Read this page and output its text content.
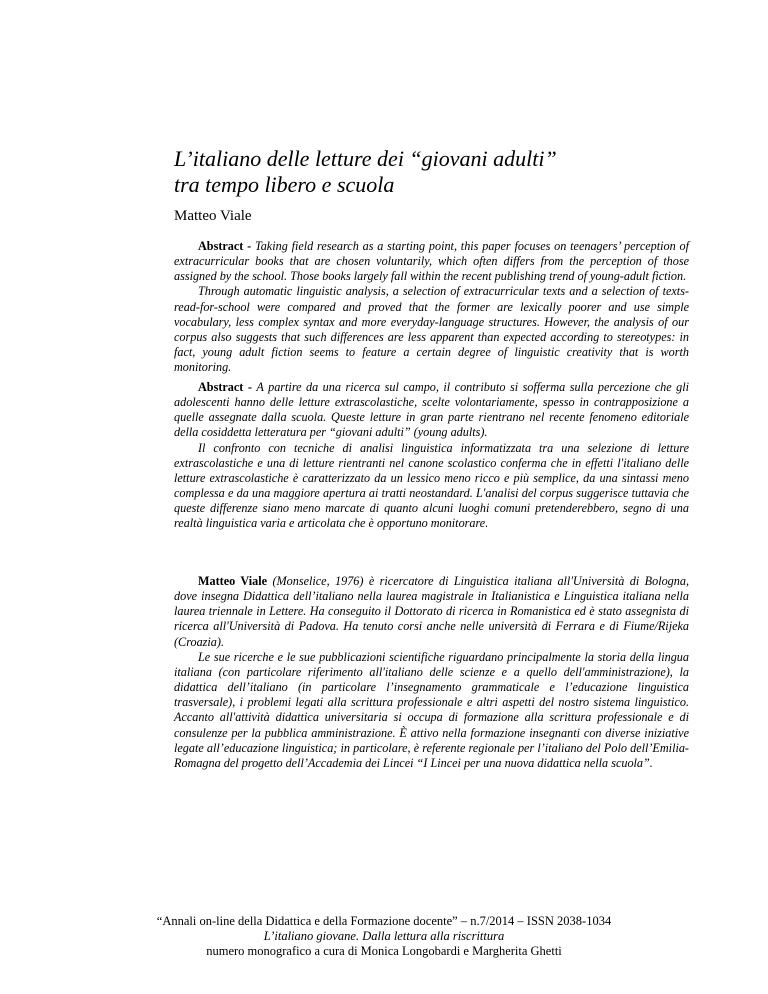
L’italiano delle letture dei “giovani adulti”
tra tempo libero e scuola
Matteo Viale

Abstract - Taking field research as a starting point, this paper focuses on teenagers’ perception of extracurricular books that are chosen voluntarily, which often differs from the perception of those assigned by the school. Those books largely fall within the recent publishing trend of young-adult fiction.

Through automatic linguistic analysis, a selection of extracurricular texts and a selection of texts-read-for-school were compared and proved that the former are lexically poorer and use simple vocabulary, less complex syntax and more everyday-language structures. However, the analysis of our corpus also suggests that such differences are less apparent than expected according to stereotypes: in fact, young adult fiction seems to feature a certain degree of linguistic creativity that is worth monitoring.

Abstract - A partire da una ricerca sul campo, il contributo si sofferma sulla percezione che gli adolescenti hanno delle letture extrascolastiche, scelte volontariamente, spesso in contrapposizione a quelle assegnate dalla scuola. Queste letture in gran parte rientrano nel recente fenomeno editoriale della cosiddetta letteratura per “giovani adulti” (young adults).

Il confronto con tecniche di analisi linguistica informatizzata tra una selezione di letture extrascolastiche e una di letture rientranti nel canone scolastico conferma che in effetti l'italiano delle letture extrascolastiche è caratterizzato da un lessico meno ricco e più semplice, da una sintassi meno complessa e da una maggiore apertura ai tratti neostandard. L'analisi del corpus suggerisce tuttavia che queste differenze siano meno marcate di quanto alcuni luoghi comuni pretenderebbero, segno di una realtà linguistica varia e articolata che è opportuno monitorare.

Matteo Viale (Monselice, 1976) è ricercatore di Linguistica italiana all'Università di Bologna, dove insegna Didattica dell’italiano nella laurea magistrale in Italianistica e Linguistica italiana nella laurea triennale in Lettere. Ha conseguito il Dottorato di ricerca in Romanistica ed è stato assegnista di ricerca all'Università di Padova. Ha tenuto corsi anche nelle università di Ferrara e di Fiume/Rijeka (Croazia).

Le sue ricerche e le sue pubblicazioni scientifiche riguardano principalmente la storia della lingua italiana (con particolare riferimento all'italiano delle scienze e a quello dell'amministrazione), la didattica dell’italiano (in particolare l’insegnamento grammaticale e l’educazione linguistica trasversale), i problemi legati alla scrittura professionale e altri aspetti del nostro sistema linguistico. Accanto all'attività didattica universitaria si occupa di formazione alla scrittura professionale e di consulenze per la pubblica amministrazione. È attivo nella formazione insegnanti con diverse iniziative legate all’educazione linguistica; in particolare, è referente regionale per l’italiano del Polo dell’Emilia-Romagna del progetto dell’Accademia dei Lincei “I Lincei per una nuova didattica nella scuola”.

“Annali on-line della Didattica e della Formazione docente” – n.7/2014 – ISSN 2038-1034
L’italiano giovane. Dalla lettura alla riscrittura
numero monografico a cura di Monica Longobardi e Margherita Ghetti
